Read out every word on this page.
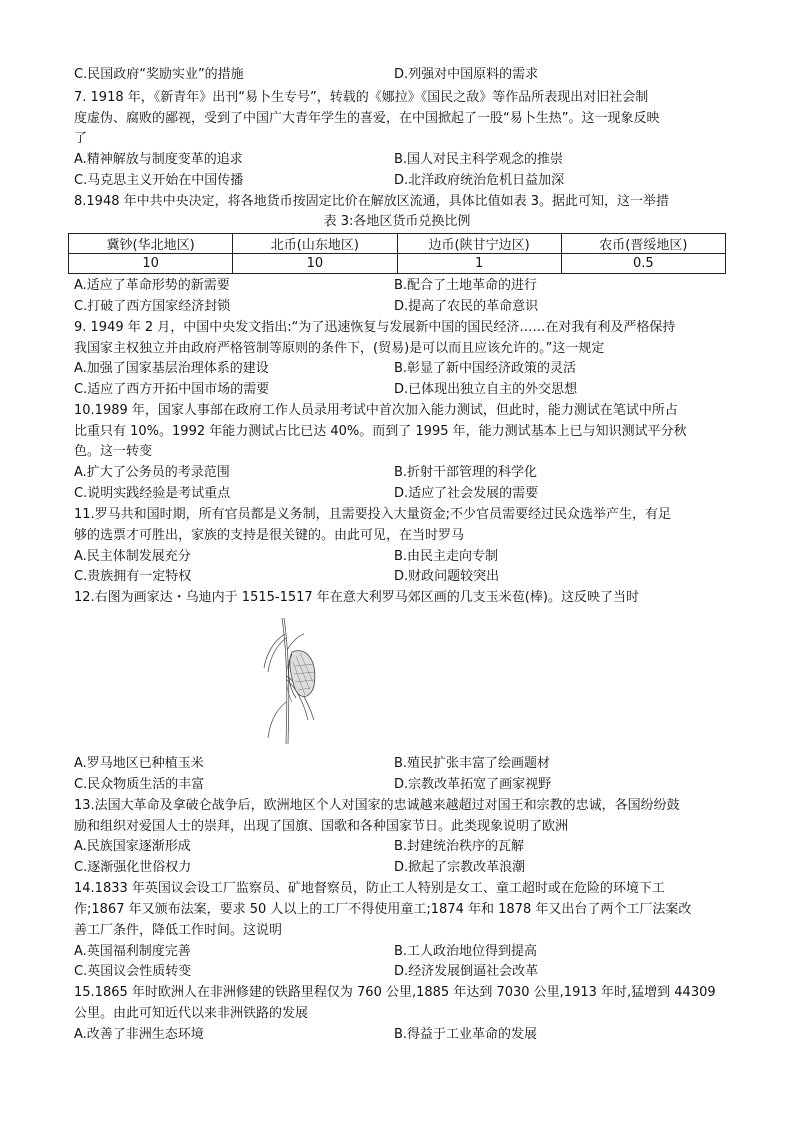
C.民国政府“奖励实业”的措施	D.列强对中国原料的需求
7. 1918 年，《新青年》出刊“易卜生专号”，转载的《娜拉》《国民之敌》等作品所表现出对旧社会制
度虚伪、腐败的鄙视，受到了中国广大青年学生的喜爱，在中国掀起了一股“易卜生热”。这一现象反映
了
A.精神解放与制度变革的追求	B.国人对民主科学观念的推崇
C.马克思主义开始在中国传播	D.北洋政府统治危机日益加深
8.1948 年中共中央决定，将各地货币按固定比价在解放区流通，具体比值如表 3。据此可知，这一举措
表 3:各地区货币兑换比例
冀钞(华北地区)	北币(山东地区)	边币(陕甘宁边区)	农币(晋绥地区)
10	10	1	0.5
A.适应了革命形势的新需要	B.配合了土地革命的进行
C.打破了西方国家经济封锁	D.提高了农民的革命意识
9. 1949 年 2 月，中国中央发文指出:“为了迅速恢复与发展新中国的国民经济……在对我有利及严格保持
我国家主权独立并由政府严格管制等原则的条件下，(贸易)是可以而且应该允许的。”这一规定
A.加强了国家基层治理体系的建设	B.彰显了新中国经济政策的灵活
C.适应了西方开拓中国市场的需要	D.已体现出独立自主的外交思想
10.1989 年，国家人事部在政府工作人员录用考试中首次加入能力测试，但此时，能力测试在笔试中所占
比重只有 10%。1992 年能力测试占比已达 40%。而到了 1995 年，能力测试基本上已与知识测试平分秋
色。这一转变
A.扩大了公务员的考录范围	B.折射干部管理的科学化
C.说明实践经验是考试重点	D.适应了社会发展的需要
11.罗马共和国时期，所有官员都是义务制，且需要投入大量资金;不少官员需要经过民众选举产生，有足
够的选票才可胜出，家族的支持是很关键的。由此可见，在当时罗马
A.民主体制发展充分	B.由民主走向专制
C.贵族拥有一定特权	D.财政问题较突出
12.右图为画家达・乌迪内于 1515-1517 年在意大利罗马郊区画的几支玉米苞(棒)。这反映了当时
A.罗马地区已种植玉米	B.殖民扩张丰富了绘画题材
C.民众物质生活的丰富	D.宗教改革拓宽了画家视野
13.法国大革命及拿破仑战争后，欧洲地区个人对国家的忠诚越来越超过对国王和宗教的忠诚，各国纷纷鼓
励和组织对爱国人士的崇拜，出现了国旗、国歌和各种国家节日。此类现象说明了欧洲
A.民族国家逐渐形成	B.封建统治秩序的瓦解
C.逐渐强化世俗权力	D.掀起了宗教改革浪潮
14.1833 年英国议会设工厂监察员、矿地督察员，防止工人特别是女工、童工超时或在危险的环境下工
作;1867 年又颁布法案，要求 50 人以上的工厂不得使用童工;1874 年和 1878 年又出台了两个工厂法案改
善工厂条件，降低工作时间。这说明
A.英国福利制度完善	B.工人政治地位得到提高
C.英国议会性质转变	D.经济发展倒逼社会改革
15.1865 年时欧洲人在非洲修建的铁路里程仅为 760 公里,1885 年达到 7030 公里,1913 年时,猛增到 44309
公里。由此可知近代以来非洲铁路的发展
A.改善了非洲生态环境	B.得益于工业革命的发展
